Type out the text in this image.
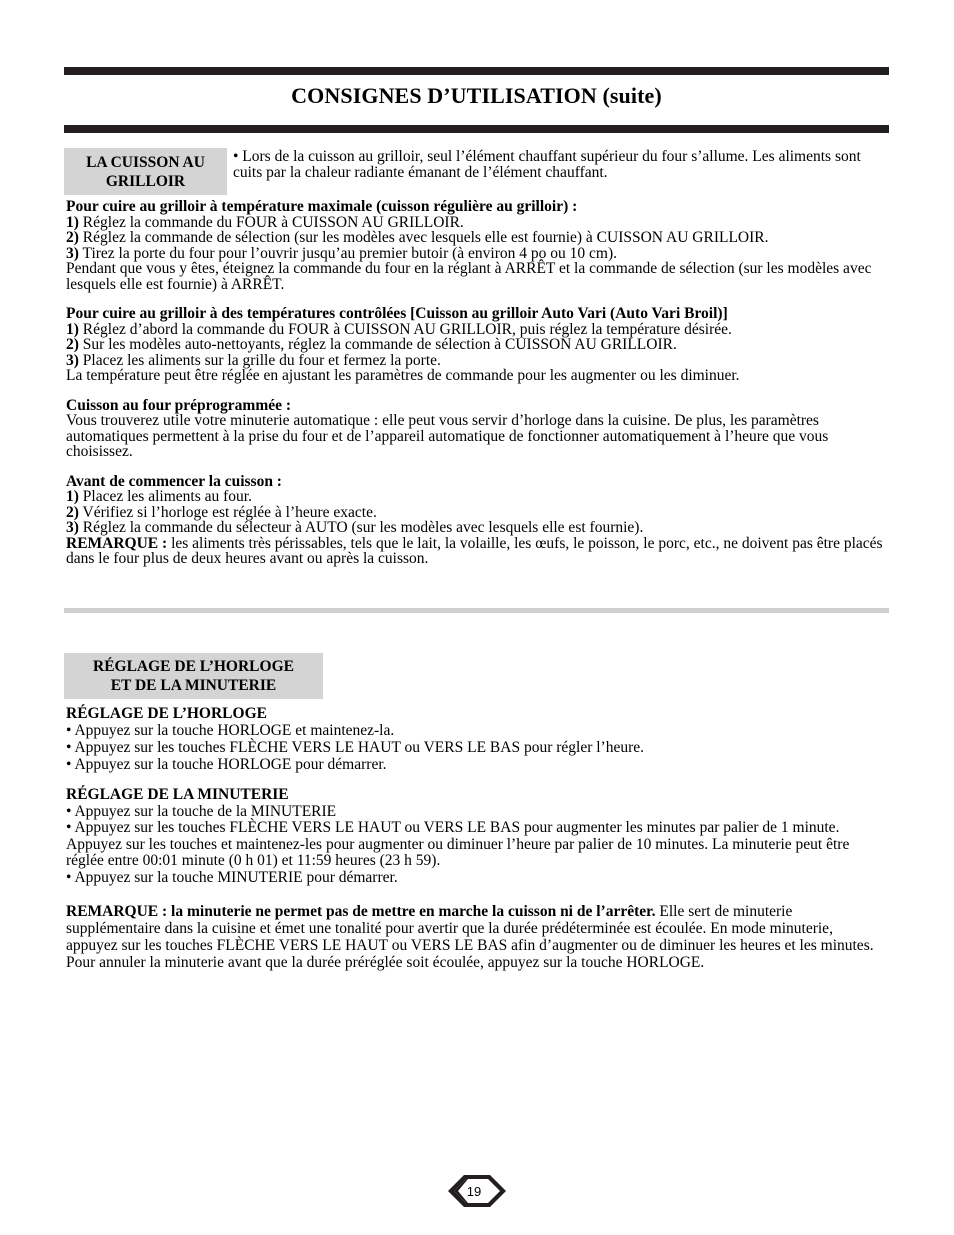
CONSIGNES D’UTILISATION (suite)
LA CUISSON AU
GRILLOIR
• Lors de la cuisson au grilloir, seul l’élément chauffant supérieur du four s’allume. Les aliments sont cuits par la chaleur radiante émanant de l’élément chauffant.

Pour cuire au grilloir à température maximale (cuisson régulière au grilloir) :

1) Réglez la commande du FOUR à CUISSON AU GRILLOIR.

2) Réglez la commande de sélection (sur les modèles avec lesquels elle est fournie) à CUISSON AU GRILLOIR.

3) Tirez la porte du four pour l’ouvrir jusqu’au premier butoir (à environ 4 po ou 10 cm).

Pendant que vous y êtes, éteignez la commande du four en la réglant à ARRÊT et la commande de sélection (sur les modèles avec lesquels elle est fournie) à ARRÊT.

Pour cuire au grilloir à des températures contrôlées [Cuisson au grilloir Auto Vari (Auto Vari Broil)]

1) Réglez d’abord la commande du FOUR à CUISSON AU GRILLOIR, puis réglez la température désirée.

2) Sur les modèles auto-nettoyants, réglez la commande de sélection à CUISSON AU GRILLOIR.

3) Placez les aliments sur la grille du four et fermez la porte.

La température peut être réglée en ajustant les paramètres de commande pour les augmenter ou les diminuer.

Cuisson au four préprogrammée :

Vous trouverez utile votre minuterie automatique : elle peut vous servir d’horloge dans la cuisine. De plus, les paramètres automatiques permettent à la prise du four et de l’appareil automatique de fonctionner automatiquement à l’heure que vous choisissez.

Avant de commencer la cuisson :

1) Placez les aliments au four.

2) Vérifiez si l’horloge est réglée à l’heure exacte.

3) Réglez la commande du sélecteur à AUTO (sur les modèles avec lesquels elle est fournie).

REMARQUE : les aliments très périssables, tels que le lait, la volaille, les œufs, le poisson, le porc, etc., ne doivent pas être placés dans le four plus de deux heures avant ou après la cuisson.

RÉGLAGE DE L’HORLOGE
ET DE LA MINUTERIE

RÉGLAGE DE L’HORLOGE

• Appuyez sur la touche HORLOGE et maintenez-la.

• Appuyez sur les touches FLÈCHE VERS LE HAUT ou VERS LE BAS pour régler l’heure.

• Appuyez sur la touche HORLOGE pour démarrer.

RÉGLAGE DE LA MINUTERIE

• Appuyez sur la touche de la MINUTERIE

• Appuyez sur les touches FLÈCHE VERS LE HAUT ou VERS LE BAS pour augmenter les minutes par palier de 1 minute. Appuyez sur les touches et maintenez-les pour augmenter ou diminuer l’heure par palier de 10 minutes. La minuterie peut être réglée entre 00:01 minute (0 h 01) et 11:59 heures (23 h 59).

• Appuyez sur la touche MINUTERIE pour démarrer.

REMARQUE : la minuterie ne permet pas de mettre en marche la cuisson ni de l’arrêter. Elle sert de minuterie supplémentaire dans la cuisine et émet une tonalité pour avertir que la durée prédéterminée est écoulée. En mode minuterie, appuyez sur les touches FLÈCHE VERS LE HAUT ou VERS LE BAS afin d’augmenter ou de diminuer les heures et les minutes. Pour annuler la minuterie avant que la durée préréglée soit écoulée, appuyez sur la touche HORLOGE.

19
